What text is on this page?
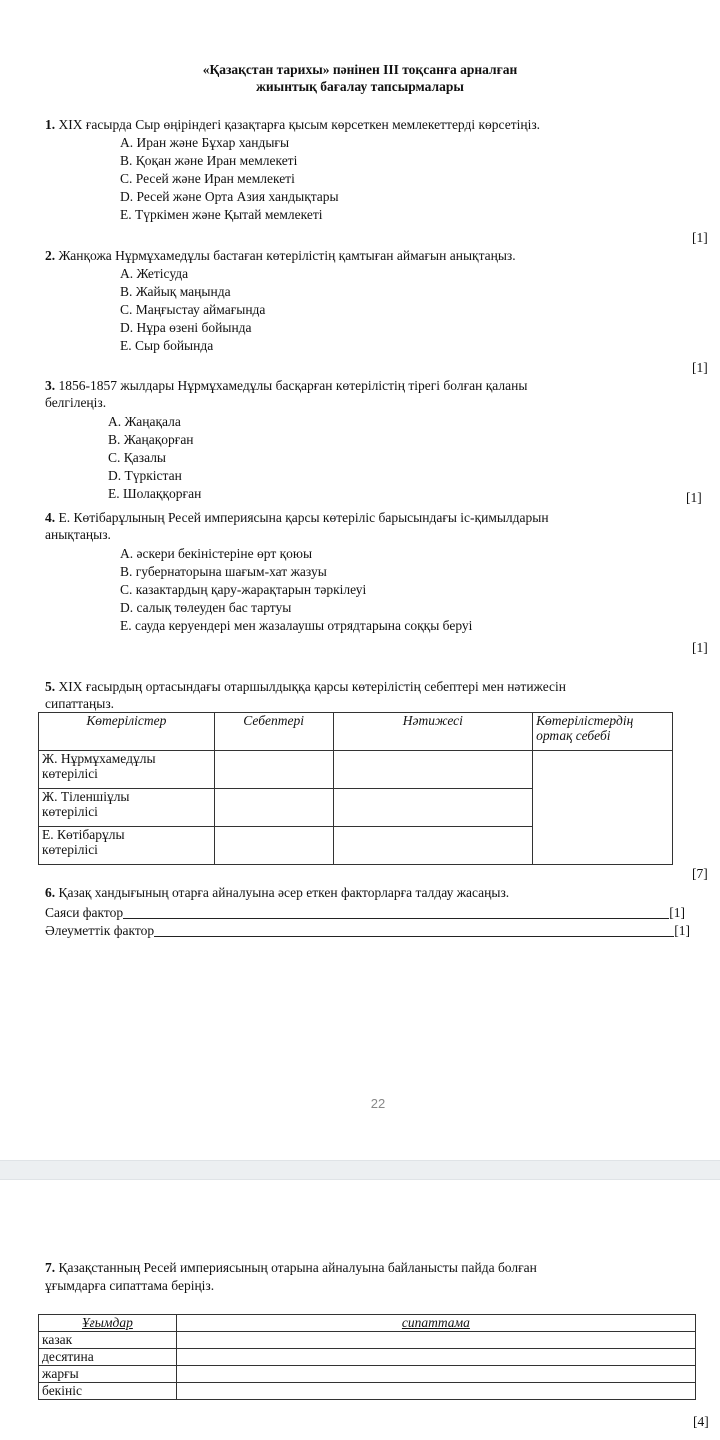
«Қазақстан тарихы» пәнінен III тоқсанға арналған
жиынтық бағалау тапсырмалары
1. XIX ғасырда Сыр өңіріндегі қазақтарға қысым көрсеткен мемлекеттерді көрсетіңіз.
A. Иран және Бұхар хандығы
B. Қоқан және Иран мемлекеті
C. Ресей және Иран мемлекеті
D. Ресей және Орта Азия хандықтары
E. Түркімен және Қытай мемлекеті
[1]
2. Жанқожа Нұрмұхамедұлы бастаған көтерілістің қамтыған аймағын анықтаңыз.
A. Жетісуда
B. Жайық маңында
C. Маңғыстау аймағында
D. Нұра өзені бойында
E. Сыр бойында
[1]
3. 1856-1857 жылдары Нұрмұхамедұлы басқарған көтерілістің тірегі болған қаланы
белгілеңіз.
A. Жаңақала
B. Жаңақорған
C. Қазалы
D. Түркістан
E. Шолаққорған	[1]
4. Е. Көтібарұлының Ресей империясына қарсы көтеріліс барысындағы іс-қимылдарын
анықтаңыз.
A. әскери бекіністеріне өрт қоюы
B. губернаторына шағым-хат жазуы
C. казактардың қару-жарақтарын тәркілеуі
D. салық төлеуден бас тартуы
E. сауда керуендері мен жазалаушы отрядтарына соққы беруі
[1]
5. XIX ғасырдың ортасындағы отаршылдыққа қарсы көтерілістің себептері мен нәтижесін
сипаттаңыз.
Көтерілістер	Себептері	Нәтижесі	Көтерілістердің ортақ себебі

Ж. Нұрмұхамедұлы
көтерілісі			

Ж. Тіленшіұлы
көтерілісі			

Е. Көтібарұлы
көтерілісі			

[7]
6. Қазақ хандығының отарға айналуына әсер еткен факторларға талдау жасаңыз.
Саяси фактор	[1]
Әлеуметтік фактор	[1]
22
7. Қазақстанның Ресей империясының отарына айналуына байланысты пайда болған
ұғымдарға сипаттама беріңіз.
Ұғымдар	сипаттама
казак	
десятина	
жарғы	
бекініс	
[4]
